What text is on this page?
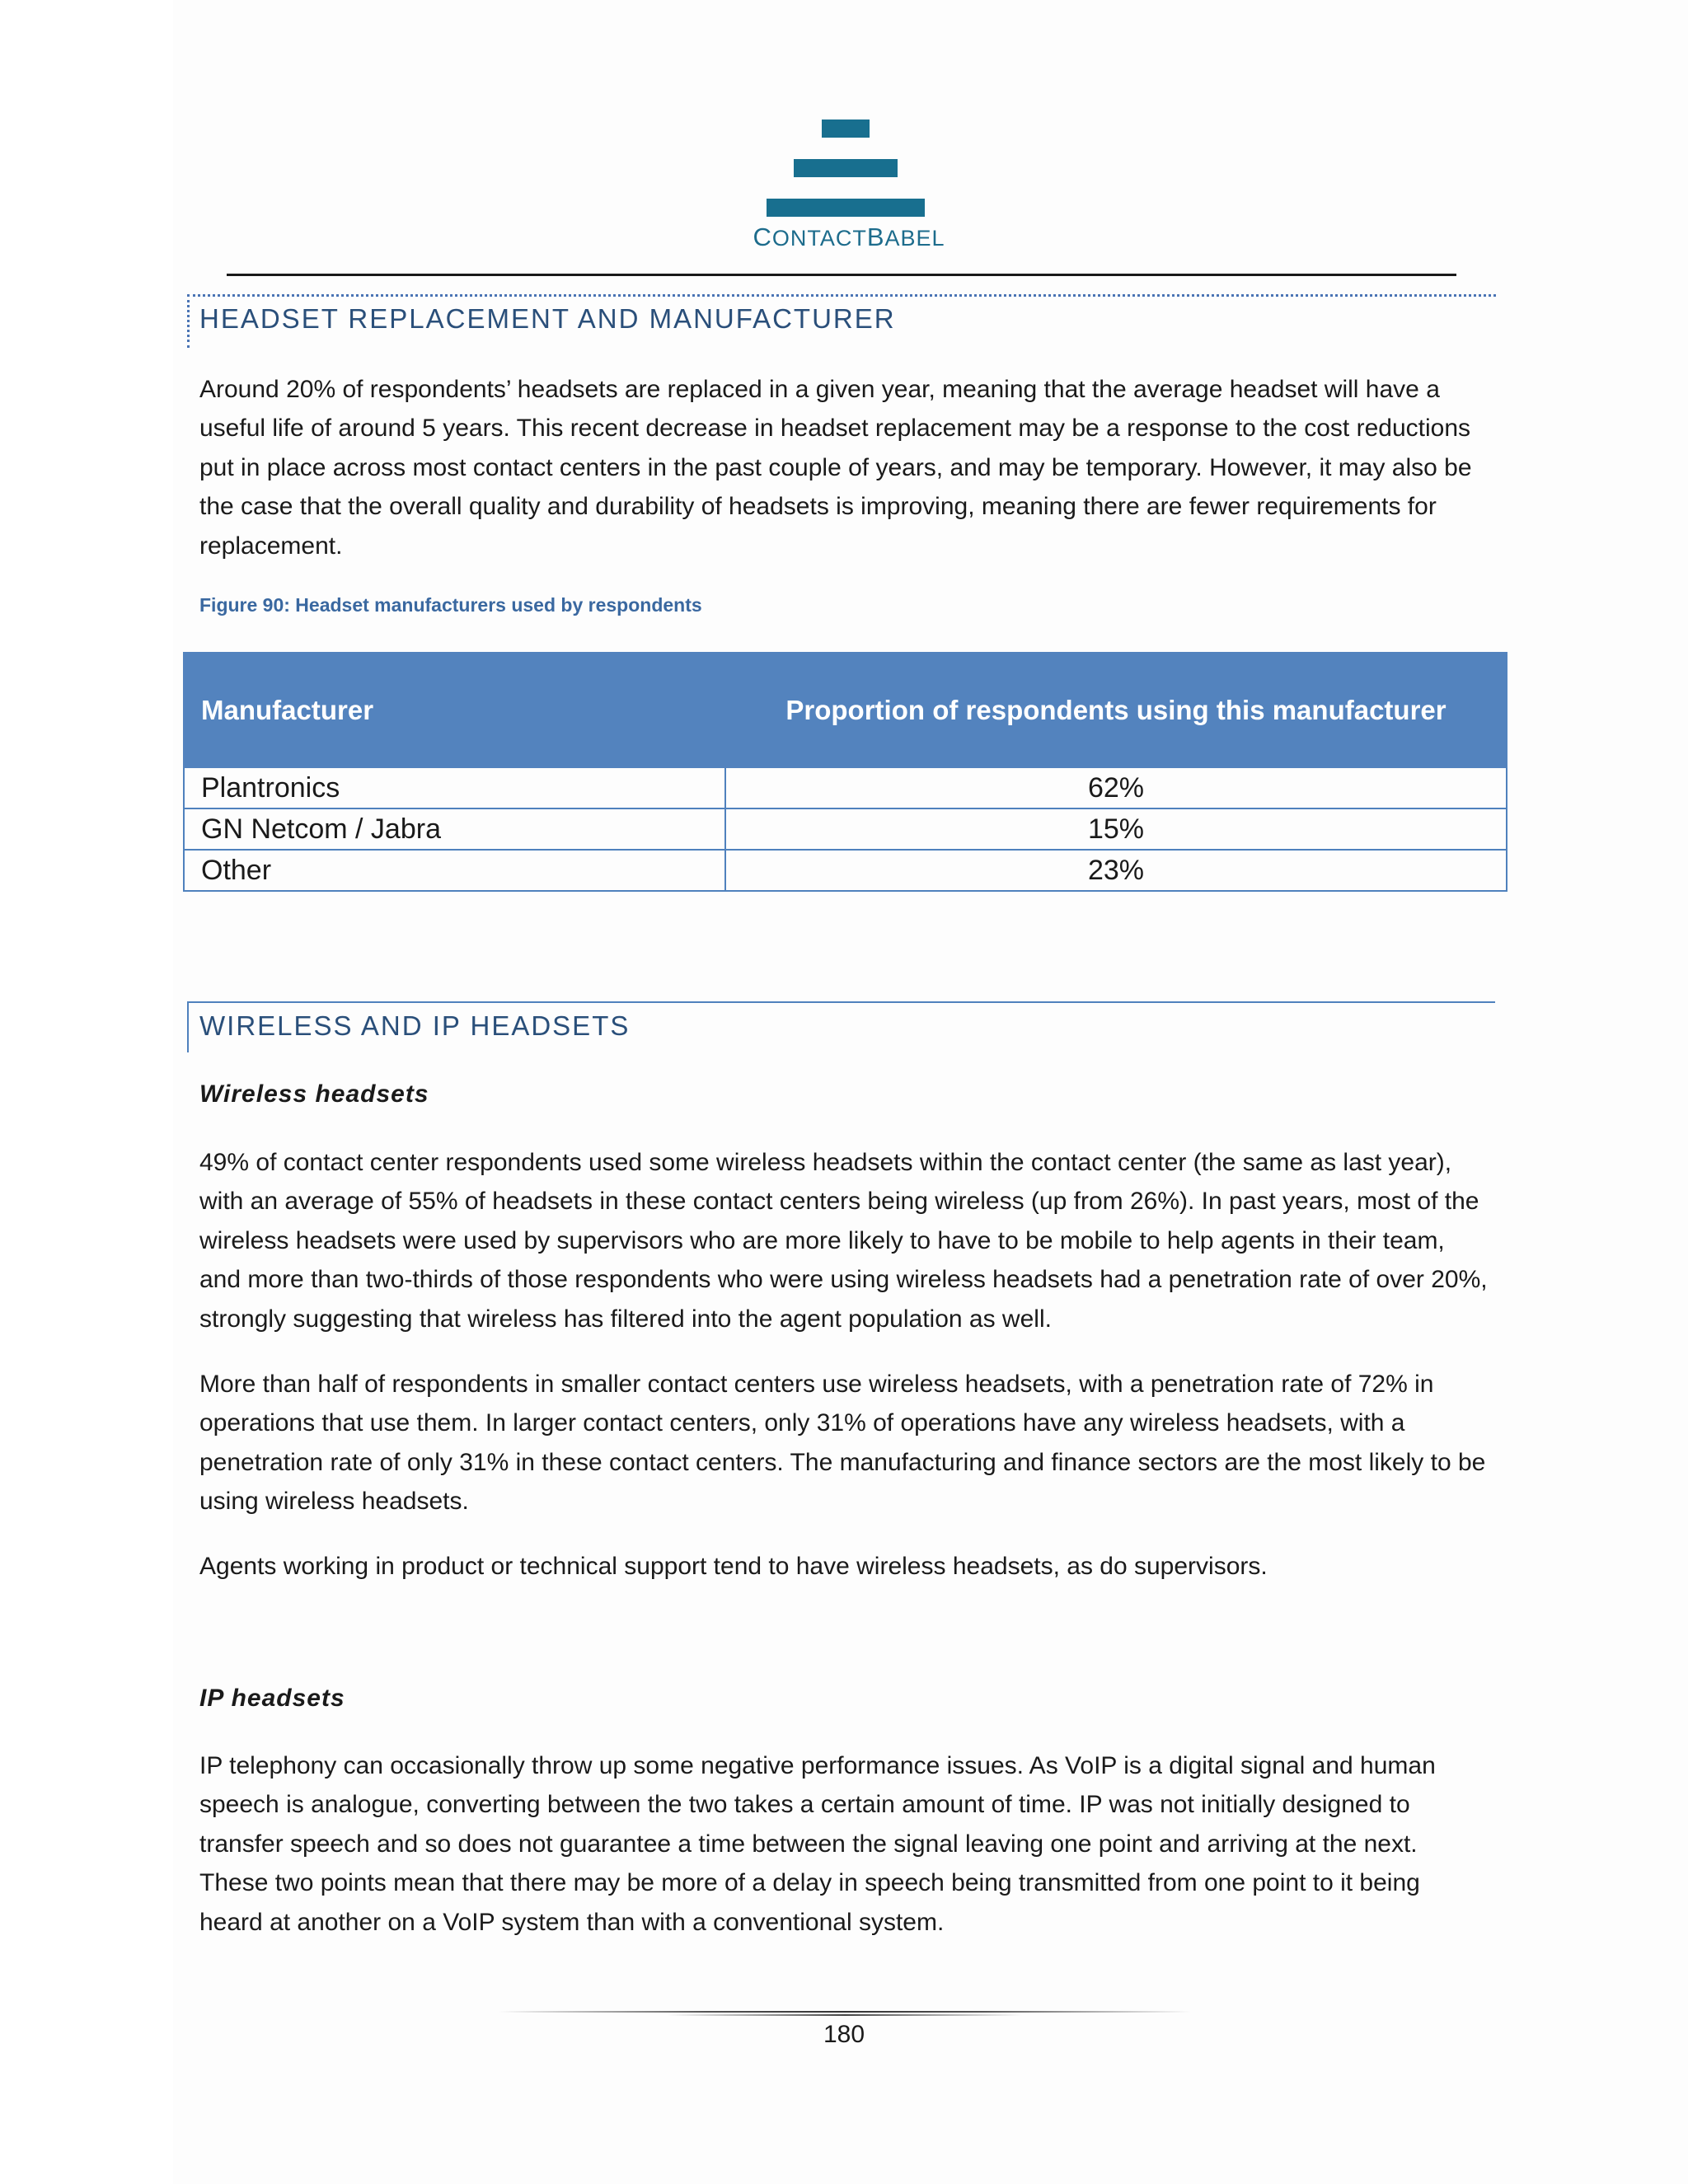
CONTACTBABEL
HEADSET REPLACEMENT AND MANUFACTURER

Around 20% of respondents’ headsets are replaced in a given year, meaning that the average headset will have a useful life of around 5 years. This recent decrease in headset replacement may be a response to the cost reductions put in place across most contact centers in the past couple of years, and may be temporary. However, it may also be the case that the overall quality and durability of headsets is improving, meaning there are fewer requirements for replacement.

Figure 90: Headset manufacturers used by respondents
Manufacturer	Proportion of respondents using this manufacturer
Plantronics	62%
GN Netcom / Jabra	15%
Other	23%
WIRELESS AND IP HEADSETS
Wireless headsets

49% of contact center respondents used some wireless headsets within the contact center (the same as last year), with an average of 55% of headsets in these contact centers being wireless (up from 26%). In past years, most of the wireless headsets were used by supervisors who are more likely to have to be mobile to help agents in their team, and more than two-thirds of those respondents who were using wireless headsets had a penetration rate of over 20%, strongly suggesting that wireless has filtered into the agent population as well.

More than half of respondents in smaller contact centers use wireless headsets, with a penetration rate of 72% in operations that use them. In larger contact centers, only 31% of operations have any wireless headsets, with a penetration rate of only 31% in these contact centers. The manufacturing and finance sectors are the most likely to be using wireless headsets.

Agents working in product or technical support tend to have wireless headsets, as do supervisors.

IP headsets

IP telephony can occasionally throw up some negative performance issues. As VoIP is a digital signal and human speech is analogue, converting between the two takes a certain amount of time. IP was not initially designed to transfer speech and so does not guarantee a time between the signal leaving one point and arriving at the next. These two points mean that there may be more of a delay in speech being transmitted from one point to it being heard at another on a VoIP system than with a conventional system.

180
